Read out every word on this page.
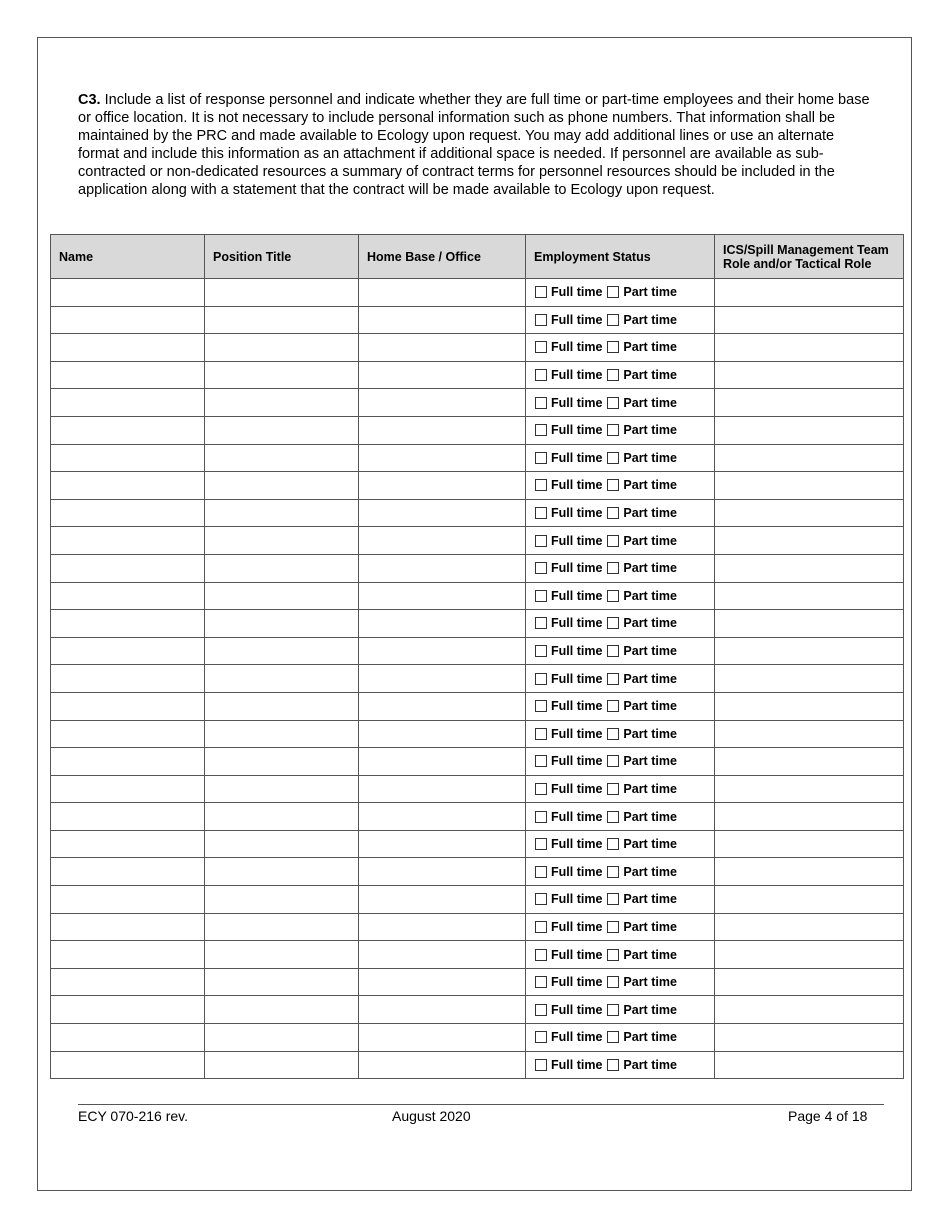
C3. Include a list of response personnel and indicate whether they are full time or part-time employees and their home base or office location. It is not necessary to include personal information such as phone numbers. That information shall be maintained by the PRC and made available to Ecology upon request. You may add additional lines or use an alternate format and include this information as an attachment if additional space is needed. If personnel are available as sub-contracted or non-dedicated resources a summary of contract terms for personnel resources should be included in the application along with a statement that the contract will be made available to Ecology upon request.
Name	Position Title	Home Base / Office	Employment Status	ICS/Spill Management Team Role and/or Tactical Role
			Full time Part time	
			Full time Part time	
			Full time Part time	
			Full time Part time	
			Full time Part time	
			Full time Part time	
			Full time Part time	
			Full time Part time	
			Full time Part time	
			Full time Part time	
			Full time Part time	
			Full time Part time	
			Full time Part time	
			Full time Part time	
			Full time Part time	
			Full time Part time	
			Full time Part time	
			Full time Part time	
			Full time Part time	
			Full time Part time	
			Full time Part time	
			Full time Part time	
			Full time Part time	
			Full time Part time	
			Full time Part time	
			Full time Part time	
			Full time Part time	
			Full time Part time	
			Full time Part time	
ECY 070-216 rev.	August 2020	Page 4 of 18
